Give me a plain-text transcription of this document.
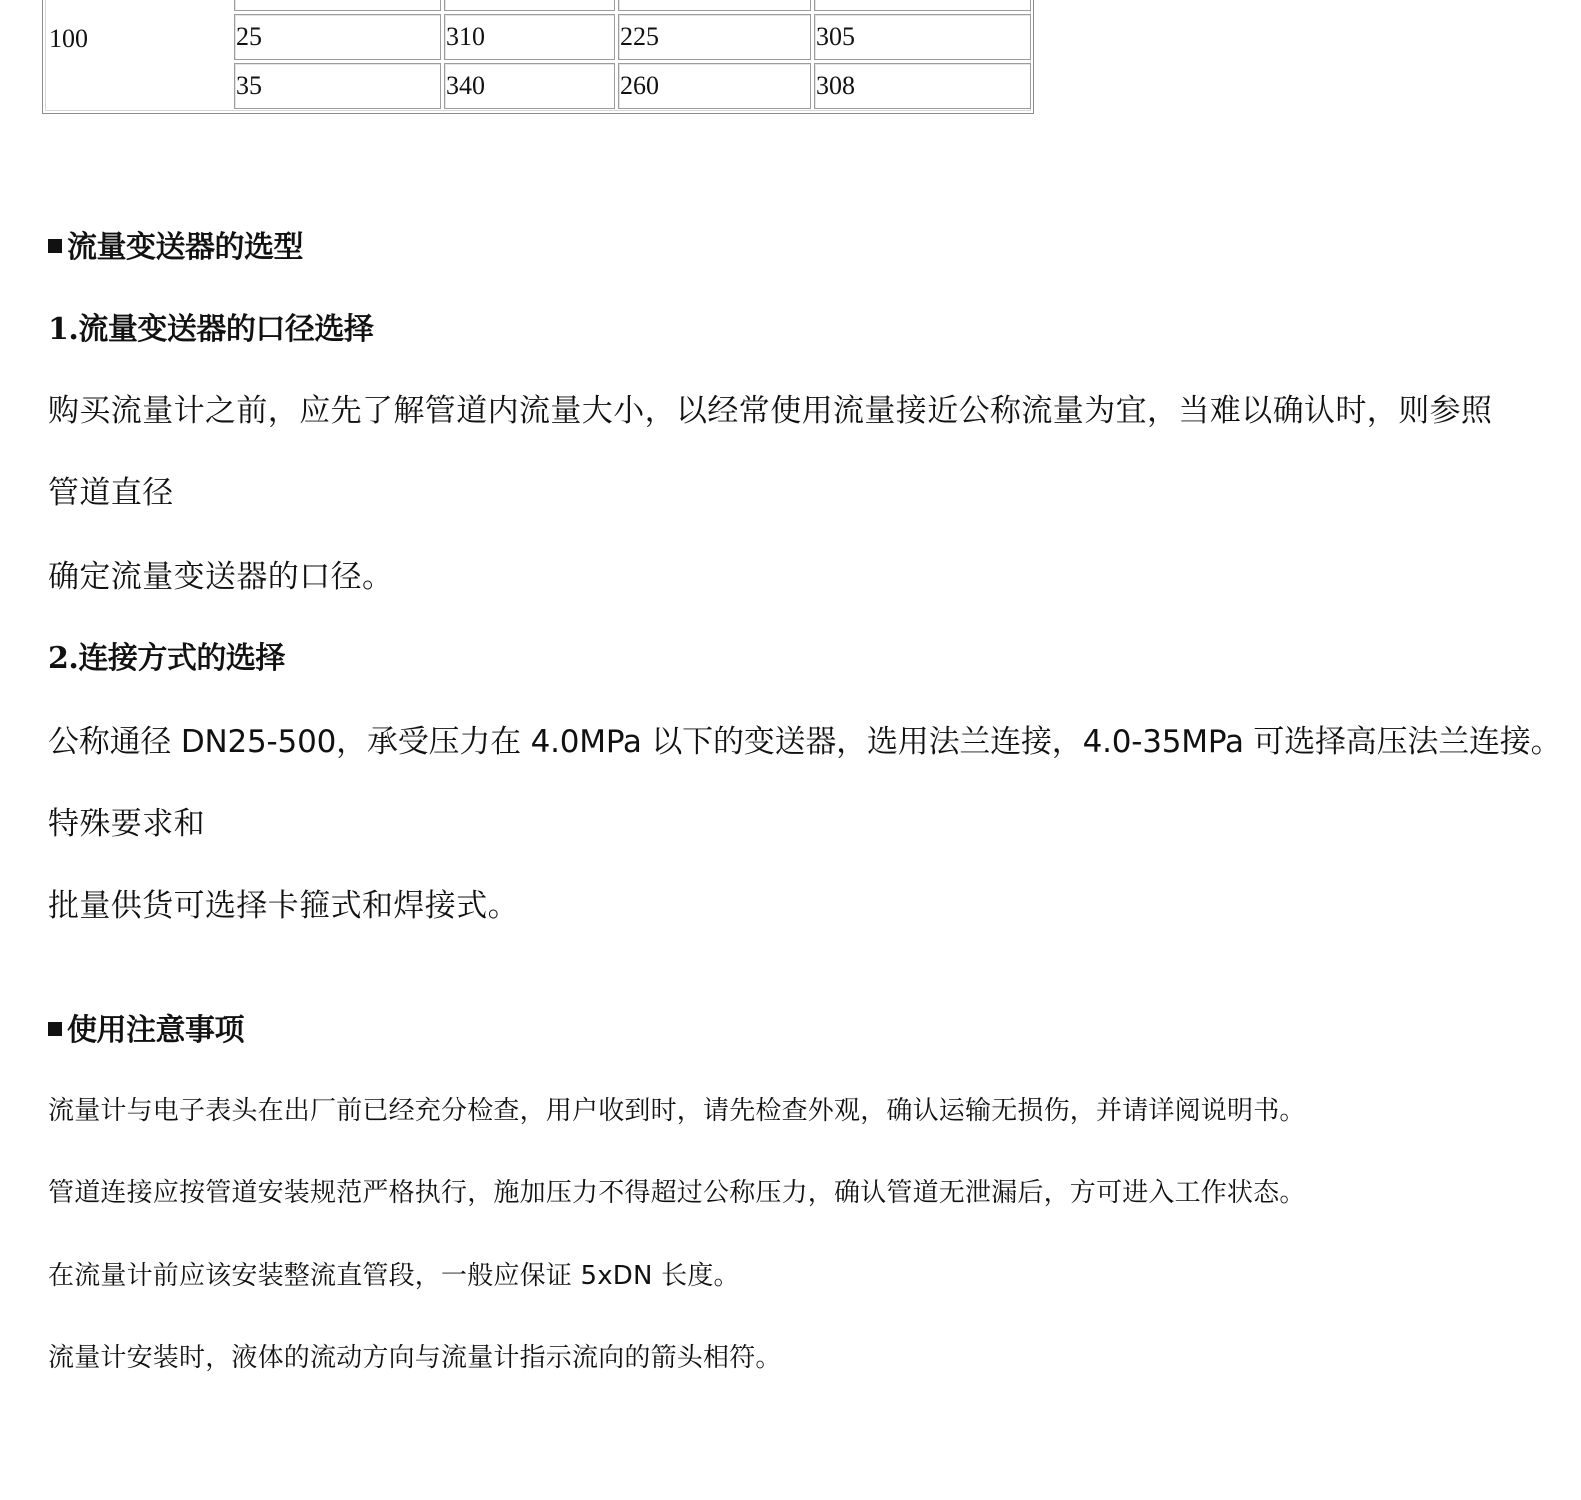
100	25	310	225	305
35	340	260	308
流量变送器的选型
1.流量变送器的口径选择
购买流量计之前，应先了解管道内流量大小，以经常使用流量接近公称流量为宜，当难以确认时，则参照
管道直径
确定流量变送器的口径。
2.连接方式的选择
公称通径 DN25-500，承受压力在 4.0MPa 以下的变送器，选用法兰连接，4.0-35MPa 可选择高压法兰连接。
特殊要求和
批量供货可选择卡箍式和焊接式。
使用注意事项
流量计与电子表头在出厂前已经充分检查，用户收到时，请先检查外观，确认运输无损伤，并请详阅说明书。
管道连接应按管道安装规范严格执行，施加压力不得超过公称压力，确认管道无泄漏后，方可进入工作状态。
在流量计前应该安装整流直管段，一般应保证 5xDN 长度。
流量计安装时，液体的流动方向与流量计指示流向的箭头相符。
